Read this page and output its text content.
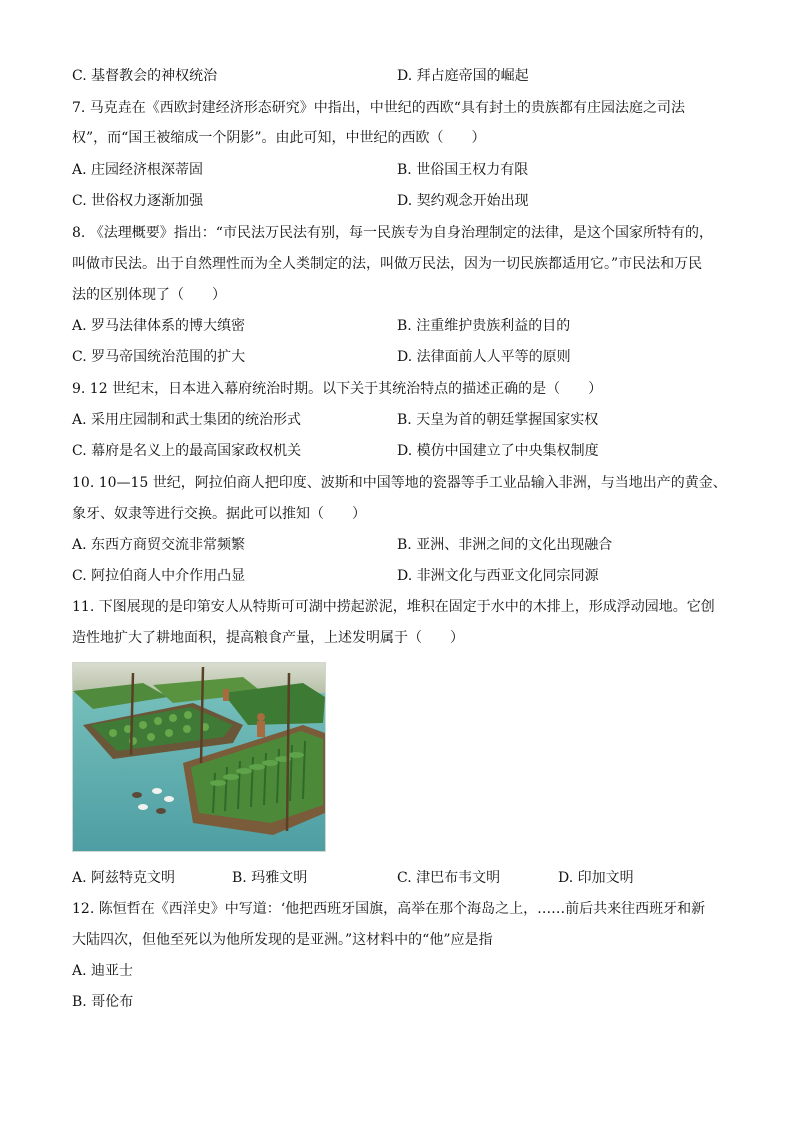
C. 基督教会的神权统治	D. 拜占庭帝国的崛起
7. 马克垚在《西欧封建经济形态研究》中指出，中世纪的西欧“具有封土的贵族都有庄园法庭之司法
权”，而“国王被缩成一个阴影”。由此可知，中世纪的西欧（　　）
A. 庄园经济根深蒂固	B. 世俗国王权力有限
C. 世俗权力逐渐加强	D. 契约观念开始出现
8. 《法理概要》指出：“市民法万民法有别，每一民族专为自身治理制定的法律，是这个国家所特有的，
叫做市民法。出于自然理性而为全人类制定的法，叫做万民法，因为一切民族都适用它。”市民法和万民
法的区别体现了（　　）
A. 罗马法律体系的博大缜密	B. 注重维护贵族利益的目的
C. 罗马帝国统治范围的扩大	D. 法律面前人人平等的原则
9. 12 世纪末，日本进入幕府统治时期。以下关于其统治特点的描述正确的是（　　）
A. 采用庄园制和武士集团的统治形式	B. 天皇为首的朝廷掌握国家实权
C. 幕府是名义上的最高国家政权机关	D. 模仿中国建立了中央集权制度
10. 10—15 世纪，阿拉伯商人把印度、波斯和中国等地的瓷器等手工业品输入非洲，与当地出产的黄金、
象牙、奴隶等进行交换。据此可以推知（　　）
A. 东西方商贸交流非常频繁	B. 亚洲、非洲之间的文化出现融合
C. 阿拉伯商人中介作用凸显	D. 非洲文化与西亚文化同宗同源
11. 下图展现的是印第安人从特斯可可湖中捞起淤泥，堆积在固定于水中的木排上，形成浮动园地。它创
造性地扩大了耕地面积，提高粮食产量，上述发明属于（　　）
A. 阿兹特克文明	B. 玛雅文明	C. 津巴布韦文明	D. 印加文明
12. 陈恒哲在《西洋史》中写道：‘他把西班牙国旗，高举在那个海岛之上，……前后共来往西班牙和新
大陆四次，但他至死以为他所发现的是亚洲。”这材料中的“他”应是指
A. 迪亚士
B. 哥伦布
